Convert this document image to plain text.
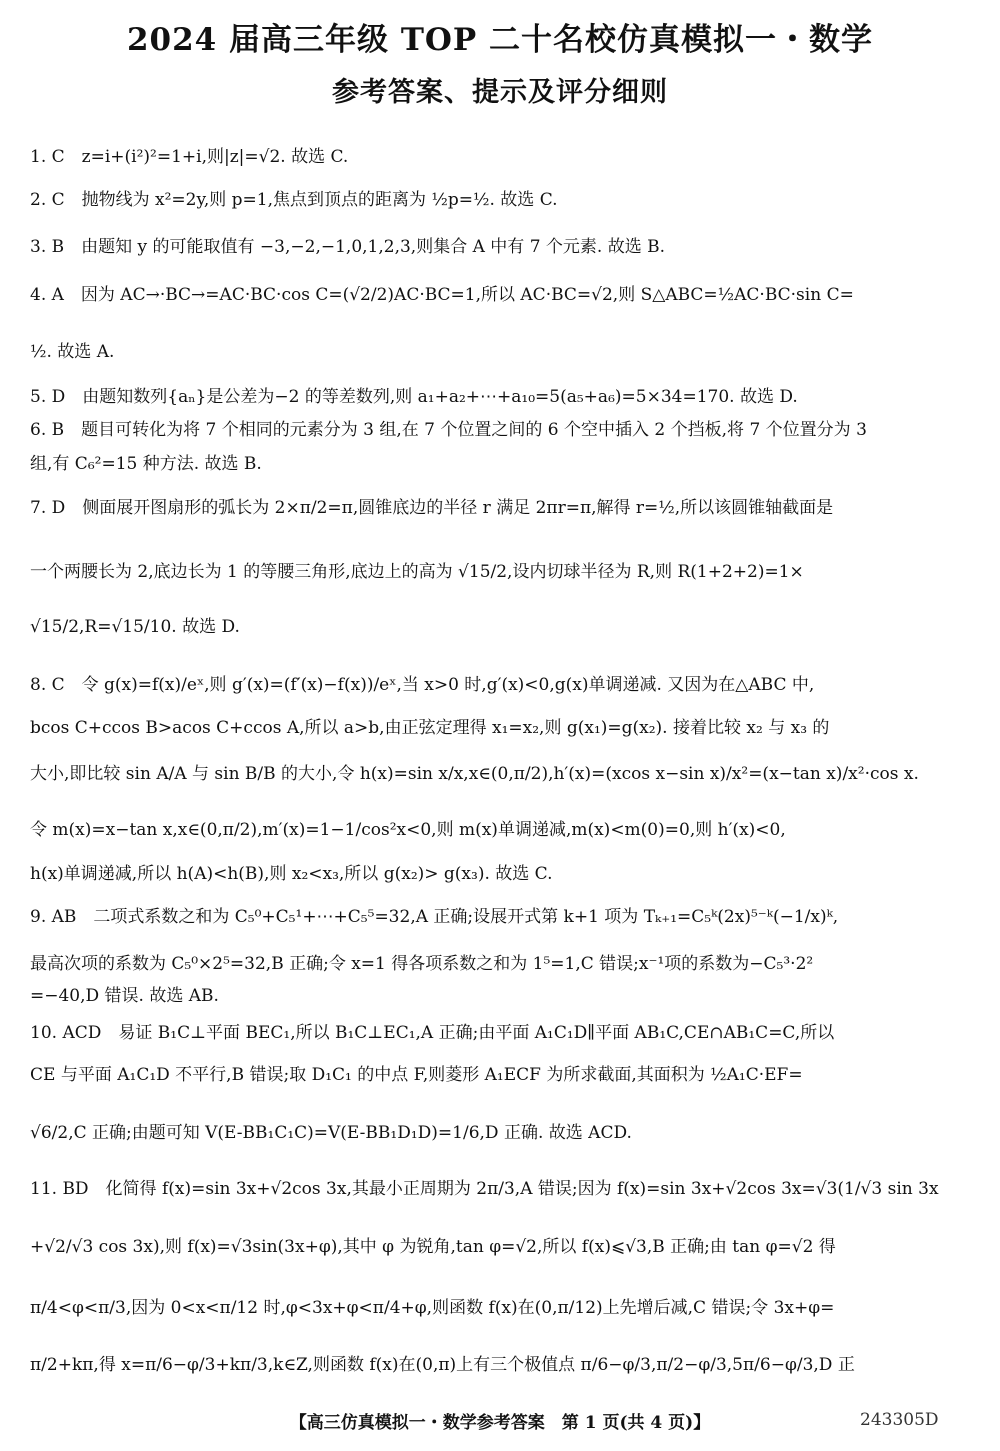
2024 届高三年级 TOP 二十名校仿真模拟一・数学
参考答案、提示及评分细则
1. C　z=i+(i²)²=1+i,则|z|=√2. 故选 C.
2. C　抛物线为 x²=2y,则 p=1,焦点到顶点的距离为 ½p=½. 故选 C.
3. B　由题知 y 的可能取值有 −3,−2,−1,0,1,2,3,则集合 A 中有 7 个元素. 故选 B.
4. A　因为 AC→·BC→=AC·BC·cos C=(√2/2)AC·BC=1,所以 AC·BC=√2,则 S△ABC=½AC·BC·sin C=
½. 故选 A.
5. D　由题知数列{aₙ}是公差为−2 的等差数列,则 a₁+a₂+⋯+a₁₀=5(a₅+a₆)=5×34=170. 故选 D.
6. B　题目可转化为将 7 个相同的元素分为 3 组,在 7 个位置之间的 6 个空中插入 2 个挡板,将 7 个位置分为 3
组,有 C₆²=15 种方法. 故选 B.
7. D　侧面展开图扇形的弧长为 2×π/2=π,圆锥底边的半径 r 满足 2πr=π,解得 r=½,所以该圆锥轴截面是
一个两腰长为 2,底边长为 1 的等腰三角形,底边上的高为 √15/2,设内切球半径为 R,则 R(1+2+2)=1×
√15/2,R=√15/10. 故选 D.
8. C　令 g(x)=f(x)/eˣ,则 g′(x)=(f′(x)−f(x))/eˣ,当 x>0 时,g′(x)<0,g(x)单调递减. 又因为在△ABC 中,
bcos C+ccos B>acos C+ccos A,所以 a>b,由正弦定理得 x₁=x₂,则 g(x₁)=g(x₂). 接着比较 x₂ 与 x₃ 的
大小,即比较 sin A/A 与 sin B/B 的大小,令 h(x)=sin x/x,x∈(0,π/2),h′(x)=(xcos x−sin x)/x²=(x−tan x)/x²·cos x.
令 m(x)=x−tan x,x∈(0,π/2),m′(x)=1−1/cos²x<0,则 m(x)单调递减,m(x)<m(0)=0,则 h′(x)<0,
h(x)单调递减,所以 h(A)<h(B),则 x₂<x₃,所以 g(x₂)> g(x₃). 故选 C.
9. AB　二项式系数之和为 C₅⁰+C₅¹+⋯+C₅⁵=32,A 正确;设展开式第 k+1 项为 Tₖ₊₁=C₅ᵏ(2x)⁵⁻ᵏ(−1/x)ᵏ,
最高次项的系数为 C₅⁰×2⁵=32,B 正确;令 x=1 得各项系数之和为 1⁵=1,C 错误;x⁻¹项的系数为−C₅³·2²
=−40,D 错误. 故选 AB.
10. ACD　易证 B₁C⊥平面 BEC₁,所以 B₁C⊥EC₁,A 正确;由平面 A₁C₁D∥平面 AB₁C,CE∩AB₁C=C,所以
CE 与平面 A₁C₁D 不平行,B 错误;取 D₁C₁ 的中点 F,则菱形 A₁ECF 为所求截面,其面积为 ½A₁C·EF=
√6/2,C 正确;由题可知 V(E-BB₁C₁C)=V(E-BB₁D₁D)=1/6,D 正确. 故选 ACD.
11. BD　化简得 f(x)=sin 3x+√2cos 3x,其最小正周期为 2π/3,A 错误;因为 f(x)=sin 3x+√2cos 3x=√3(1/√3 sin 3x
+√2/√3 cos 3x),则 f(x)=√3sin(3x+φ),其中 φ 为锐角,tan φ=√2,所以 f(x)⩽√3,B 正确;由 tan φ=√2 得
π/4<φ<π/3,因为 0<x<π/12 时,φ<3x+φ<π/4+φ,则函数 f(x)在(0,π/12)上先增后减,C 错误;令 3x+φ=
π/2+kπ,得 x=π/6−φ/3+kπ/3,k∈Z,则函数 f(x)在(0,π)上有三个极值点 π/6−φ/3,π/2−φ/3,5π/6−φ/3,D 正
【高三仿真模拟一・数学参考答案　第 1 页(共 4 页)】	243305D
